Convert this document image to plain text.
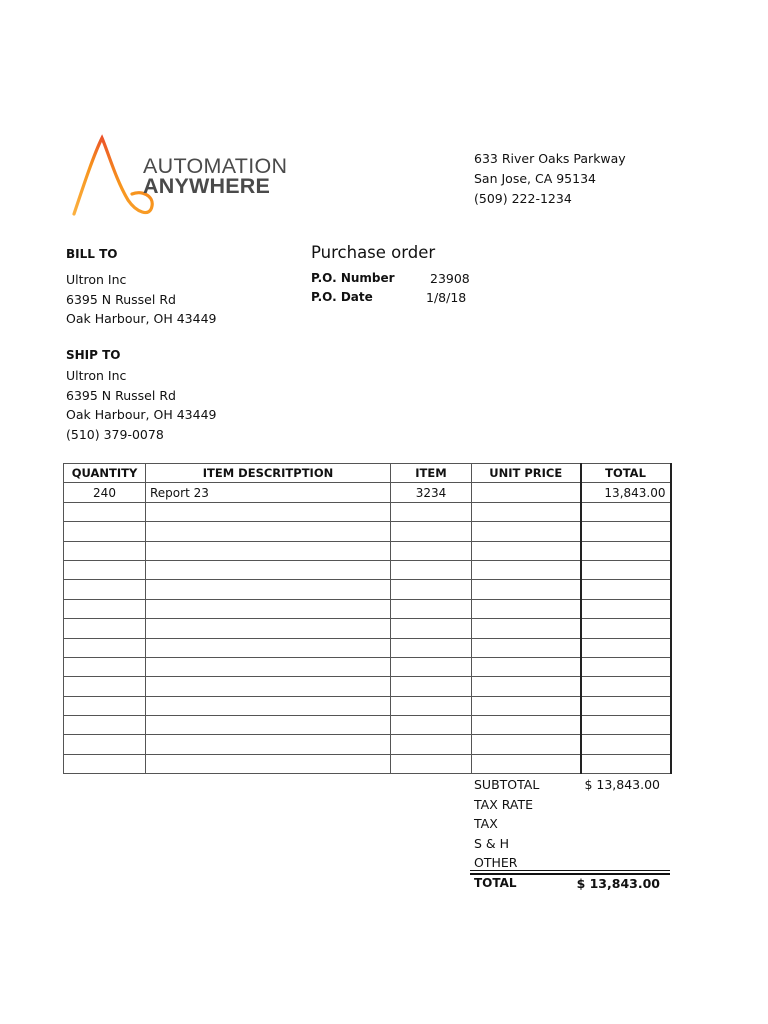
AUTOMATION
ANYWHERE
633 River Oaks Parkway
San Jose, CA 95134
(509) 222-1234
BILL TO
Ultron Inc
6395 N Russel Rd
Oak Harbour, OH 43449
Purchase order
P.O. Number	23908
P.O. Date	1/8/18
SHIP TO
Ultron Inc
6395 N Russel Rd
Oak Harbour, OH 43449
(510) 379-0078
QUANTITY	ITEM DESCRITPTION	ITEM	UNIT PRICE	TOTAL
240	Report 23	3234		13,843.00

SUBTOTAL	$ 13,843.00
TAX RATE
TAX
S & H
OTHER
TOTAL	$ 13,843.00
